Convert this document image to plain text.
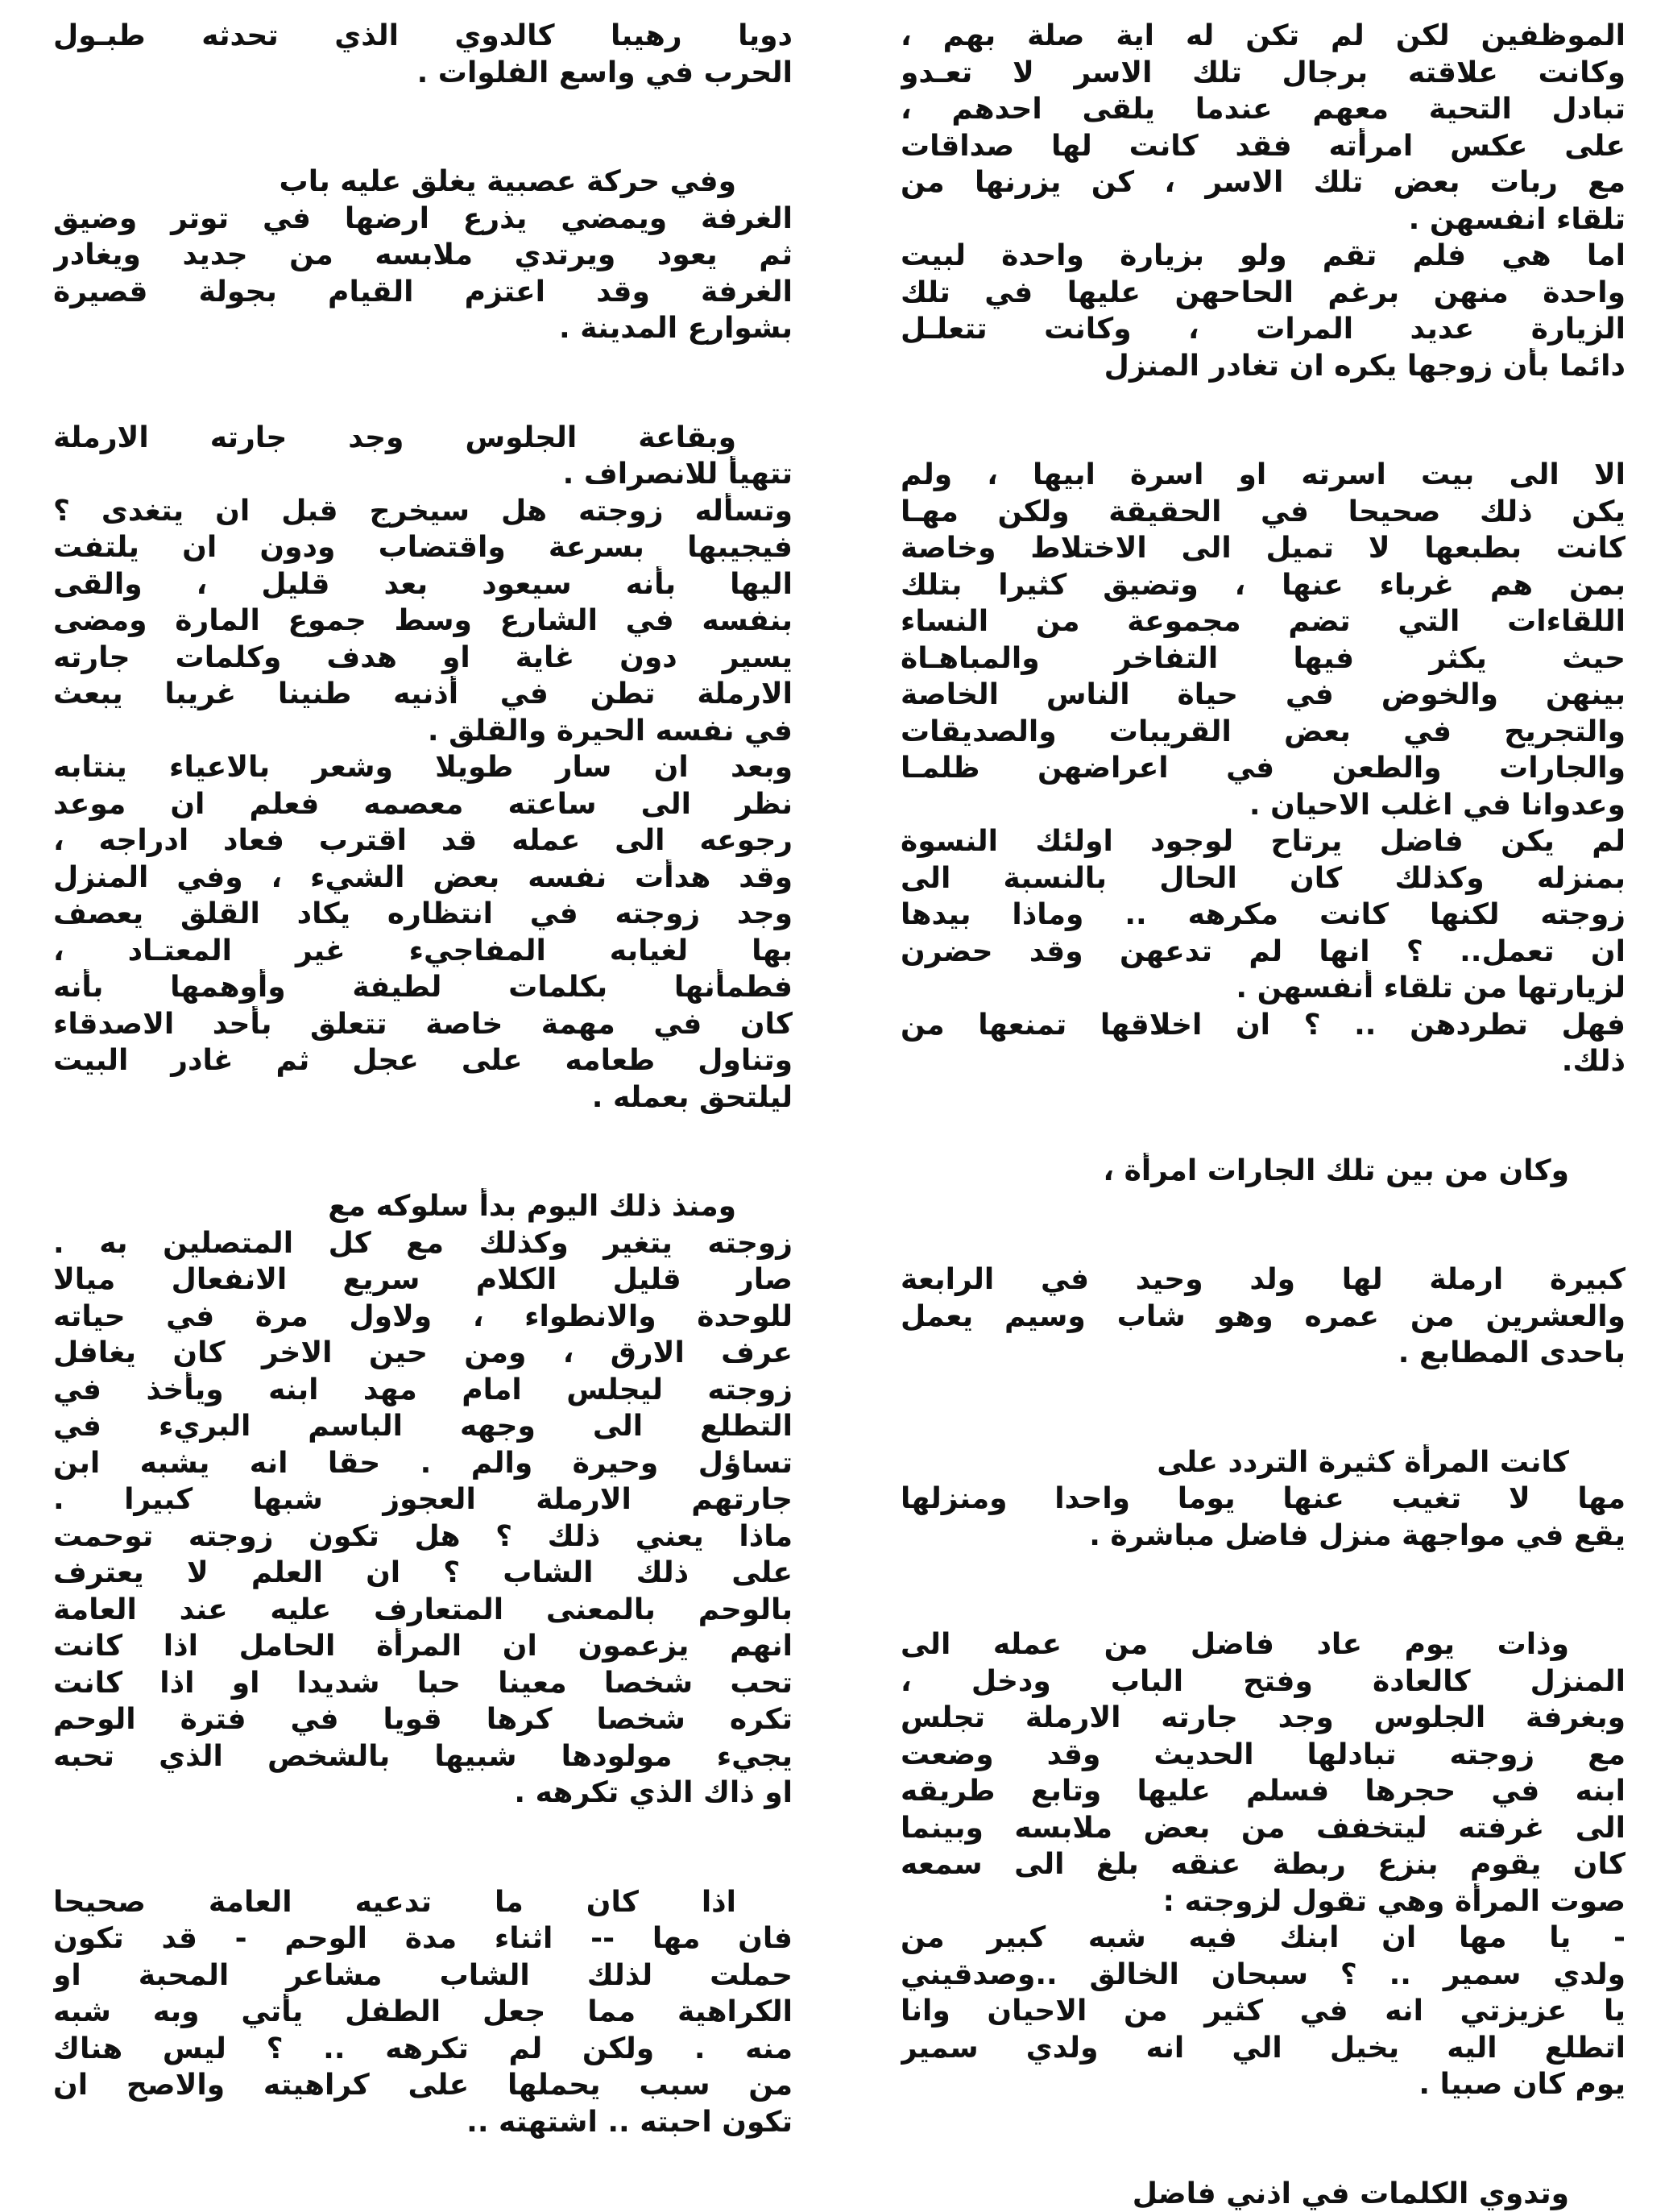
الموظفين لكن لم تكن له اية صلة بهم ،
وكانت علاقته برجال تلك الاسر لا تعـدو
تبادل التحية معهم عندما يلقى احدهم ،
على عكس امرأته فقد كانت لها صداقات
مع ربات بعض تلك الاسر ، كن يزرنها من
تلقاء انفسهن .
اما هي فلم تقم ولو بزيارة واحدة لبيت
واحدة منهن برغم الحاحهن عليها في تلك
الزيارة عديد المرات ، وكانت تتعلـل
دائما بأن زوجها يكره ان تغادر المنزل
الا الى بيت اسرته او اسرة ابيها ، ولم
يكن ذلك صحيحا في الحقيقة ولكن مهـا
كانت بطبعها لا تميل الى الاختلاط وخاصة
بمن هم غرباء عنها ، وتضيق كثيرا بتلك
اللقاءات التي تضم مجموعة من النساء
حيث يكثر فيها التفاخر والمباهـاة
بينهن والخوض في حياة الناس الخاصة
والتجريح في بعض القريبات والصديقات
والجارات والطعن في اعراضهن ظلمـا
وعدوانا في اغلب الاحيان .
لم يكن فاضل يرتاح لوجود اولئك النسوة
بمنزله وكذلك كان الحال بالنسبة الى
زوجته لكنها كانت مكرهه .. وماذا بيدها
ان تعمل.. ؟ انها لم تدعهن وقد حضرن
لزيارتها من تلقاء أنفسهن .
فهل تطردهن .. ؟ ان اخلاقها تمنعها من
ذلك.
وكان من بين تلك الجارات امرأة ،
كبيرة ارملة لها ولد وحيد في الرابعة
والعشرين من عمره وهو شاب وسيم يعمل
باحدى المطابع .
كانت المرأة كثيرة التردد على
مها لا تغيب عنها يوما واحدا ومنزلها
يقع في مواجهة منزل فاضل مباشرة .
وذات يوم عاد فاضل من عمله الى
المنزل كالعادة وفتح الباب ودخل ،
وبغرفة الجلوس وجد جارته الارملة تجلس
مع زوجته تبادلها الحديث وقد وضعت
ابنه في حجرها فسلم عليها وتابع طريقه
الى غرفته ليتخفف من بعض ملابسه وبينما
كان يقوم بنزع ربطة عنقه بلغ الى سمعه
صوت المرأة وهي تقول لزوجته :
- يا مها ان ابنك فيه شبه كبير من
ولدي سمير .. ؟ سبحان الخالق ..وصدقيني
يا عزيزتي انه في كثير من الاحيان وانا
اتطلع اليه يخيل الي انه ولدي سمير
يوم كان صبيا .
وتدوي الكلمات في اذني فاضل
دويا رهيبا كالدوي الذي تحدثه طبـول
الحرب في واسع الفلوات .
وفي حركة عصبية يغلق عليه باب
الغرفة ويمضي يذرع ارضها في توتر وضيق
ثم يعود ويرتدي ملابسه من جديد ويغادر
الغرفة وقد اعتزم القيام بجولة قصيرة
بشوارع المدينة .
وبقاعة الجلوس وجد جارته الارملة
تتهيأ للانصراف .
وتسأله زوجته هل سيخرج قبل ان يتغدى ؟
فيجيبها بسرعة واقتضاب ودون ان يلتفت
اليها بأنه سيعود بعد قليل ، والقى
بنفسه في الشارع وسط جموع المارة ومضى
يسير دون غاية او هدف وكلمات جارته
الارملة تطن في أذنيه طنينا غريبا يبعث
في نفسه الحيرة والقلق .
وبعد ان سار طويلا وشعر بالاعياء ينتابه
نظر الى ساعته معصمه فعلم ان موعد
رجوعه الى عمله قد اقترب فعاد ادراجه ،
وقد هدأت نفسه بعض الشيء ، وفي المنزل
وجد زوجته في انتظاره يكاد القلق يعصف
بها لغيابه المفاجيء غير المعتـاد ،
فطمأنها بكلمات لطيفة وأوهمها بأنه
كان في مهمة خاصة تتعلق بأحد الاصدقاء
وتناول طعامه على عجل ثم غادر البيت
ليلتحق بعمله .
ومنذ ذلك اليوم بدأ سلوكه مع
زوجته يتغير وكذلك مع كل المتصلين به .
صار قليل الكلام سريع الانفعال ميالا
للوحدة والانطواء ، ولاول مرة في حياته
عرف الارق ، ومن حين الاخر كان يغافل
زوجته ليجلس امام مهد ابنه ويأخذ في
التطلع الى وجهه الباسم البريء في
تساؤل وحيرة والم . حقا انه يشبه ابن
جارتهم الارملة العجوز شبها كبيرا .
ماذا يعني ذلك ؟ هل تكون زوجته توحمت
على ذلك الشاب ؟ ان العلم لا يعترف
بالوحم بالمعنى المتعارف عليه عند العامة
انهم يزعمون ان المرأة الحامل اذا كانت
تحب شخصا معينا حبا شديدا او اذا كانت
تكره شخصا كرها قويا في فترة الوحم
يجيء مولودها شبيها بالشخص الذي تحبه
او ذاك الذي تكرهه .
اذا كان ما تدعيه العامة صحيحا
فان مها -- اثناء مدة الوحم - قد تكون
حملت لذلك الشاب مشاعر المحبة او
الكراهية مما جعل الطفل يأتي وبه شبه
منه . ولكن لم تكرهه .. ؟ ليس هناك
من سبب يحملها على كراهيته والاصح ان
تكون احبته .. اشتهته ..
